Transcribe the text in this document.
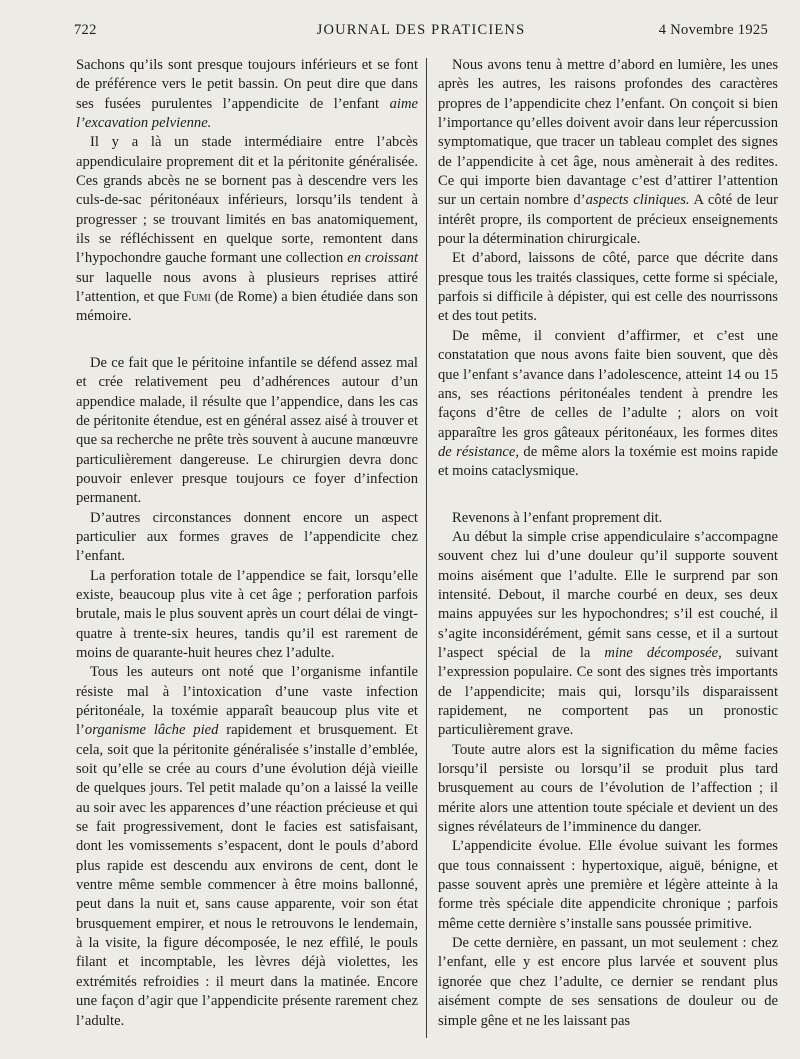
722	JOURNAL DES PRATICIENS	4 Novembre 1925

Sachons qu’ils sont presque toujours inférieurs et se font de préférence vers le petit bassin. On peut dire que dans ses fusées purulentes l’appendicite de l’enfant aime l’excavation pelvienne.

Il y a là un stade intermédiaire entre l’abcès appendiculaire proprement dit et la péritonite généralisée. Ces grands abcès ne se bornent pas à descendre vers les culs-de-sac péritonéaux inférieurs, lorsqu’ils tendent à progresser ; se trouvant limités en bas anatomiquement, ils se réfléchissent en quelque sorte, remontent dans l’hypochondre gauche formant une collection en croissant sur laquelle nous avons à plusieurs reprises attiré l’attention, et que Fumi (de Rome) a bien étudiée dans son mémoire.

De ce fait que le péritoine infantile se défend assez mal et crée relativement peu d’adhérences autour d’un appendice malade, il résulte que l’appendice, dans les cas de péritonite étendue, est en général assez aisé à trouver et que sa recherche ne prête très souvent à aucune manœuvre particulièrement dangereuse. Le chirurgien devra donc pouvoir enlever presque toujours ce foyer d’infection permanent.

D’autres circonstances donnent encore un aspect particulier aux formes graves de l’appendicite chez l’enfant.

La perforation totale de l’appendice se fait, lorsqu’elle existe, beaucoup plus vite à cet âge ; perforation parfois brutale, mais le plus souvent après un court délai de vingt-quatre à trente-six heures, tandis qu’il est rarement de moins de quarante-huit heures chez l’adulte.

Tous les auteurs ont noté que l’organisme infantile résiste mal à l’intoxication d’une vaste infection péritonéale, la toxémie apparaît beaucoup plus vite et l’organisme lâche pied rapidement et brusquement. Et cela, soit que la péritonite généralisée s’installe d’emblée, soit qu’elle se crée au cours d’une évolution déjà vieille de quelques jours. Tel petit malade qu’on a laissé la veille au soir avec les apparences d’une réaction précieuse et qui se fait progressivement, dont le facies est satisfaisant, dont les vomissements s’espacent, dont le pouls d’abord plus rapide est descendu aux environs de cent, dont le ventre même semble commencer à être moins ballonné, peut dans la nuit et, sans cause apparente, voir son état brusquement empirer, et nous le retrouvons le lendemain, à la visite, la figure décomposée, le nez effilé, le pouls filant et incomptable, les lèvres déjà violettes, les extrémités refroidies : il meurt dans la matinée. Encore une façon d’agir que l’appendicite présente rarement chez l’adulte.

Nous avons tenu à mettre d’abord en lumière, les unes après les autres, les raisons profondes des caractères propres de l’appendicite chez l’enfant. On conçoit si bien l’importance qu’elles doivent avoir dans leur répercussion symptomatique, que tracer un tableau complet des signes de l’appendicite à cet âge, nous amènerait à des redites. Ce qui importe bien davantage c’est d’attirer l’attention sur un certain nombre d’aspects cliniques. A côté de leur intérêt propre, ils comportent de précieux enseignements pour la détermination chirurgicale.

Et d’abord, laissons de côté, parce que décrite dans presque tous les traités classiques, cette forme si spéciale, parfois si difficile à dépister, qui est celle des nourrissons et des tout petits.

De même, il convient d’affirmer, et c’est une constatation que nous avons faite bien souvent, que dès que l’enfant s’avance dans l’adolescence, atteint 14 ou 15 ans, ses réactions péritonéales tendent à prendre les façons d’être de celles de l’adulte ; alors on voit apparaître les gros gâteaux péritonéaux, les formes dites de résistance, de même alors la toxémie est moins rapide et moins cataclysmique.

Revenons à l’enfant proprement dit.

Au début la simple crise appendiculaire s’accompagne souvent chez lui d’une douleur qu’il supporte souvent moins aisément que l’adulte. Elle le surprend par son intensité. Debout, il marche courbé en deux, ses deux mains appuyées sur les hypochondres; s’il est couché, il s’agite inconsidérément, gémit sans cesse, et il a surtout l’aspect spécial de la mine décomposée, suivant l’expression populaire. Ce sont des signes très importants de l’appendicite; mais qui, lorsqu’ils disparaissent rapidement, ne comportent pas un pronostic particulièrement grave.

Toute autre alors est la signification du même facies lorsqu’il persiste ou lorsqu’il se produit plus tard brusquement au cours de l’évolution de l’affection ; il mérite alors une attention toute spéciale et devient un des signes révélateurs de l’imminence du danger.

L’appendicite évolue. Elle évolue suivant les formes que tous connaissent : hypertoxique, aiguë, bénigne, et passe souvent après une première et légère atteinte à la forme très spéciale dite appendicite chronique ; parfois même cette dernière s’installe sans poussée primitive.

De cette dernière, en passant, un mot seulement : chez l’enfant, elle y est encore plus larvée et souvent plus ignorée que chez l’adulte, ce dernier se rendant plus aisément compte de ses sensations de douleur ou de simple gêne et ne les laissant pas
